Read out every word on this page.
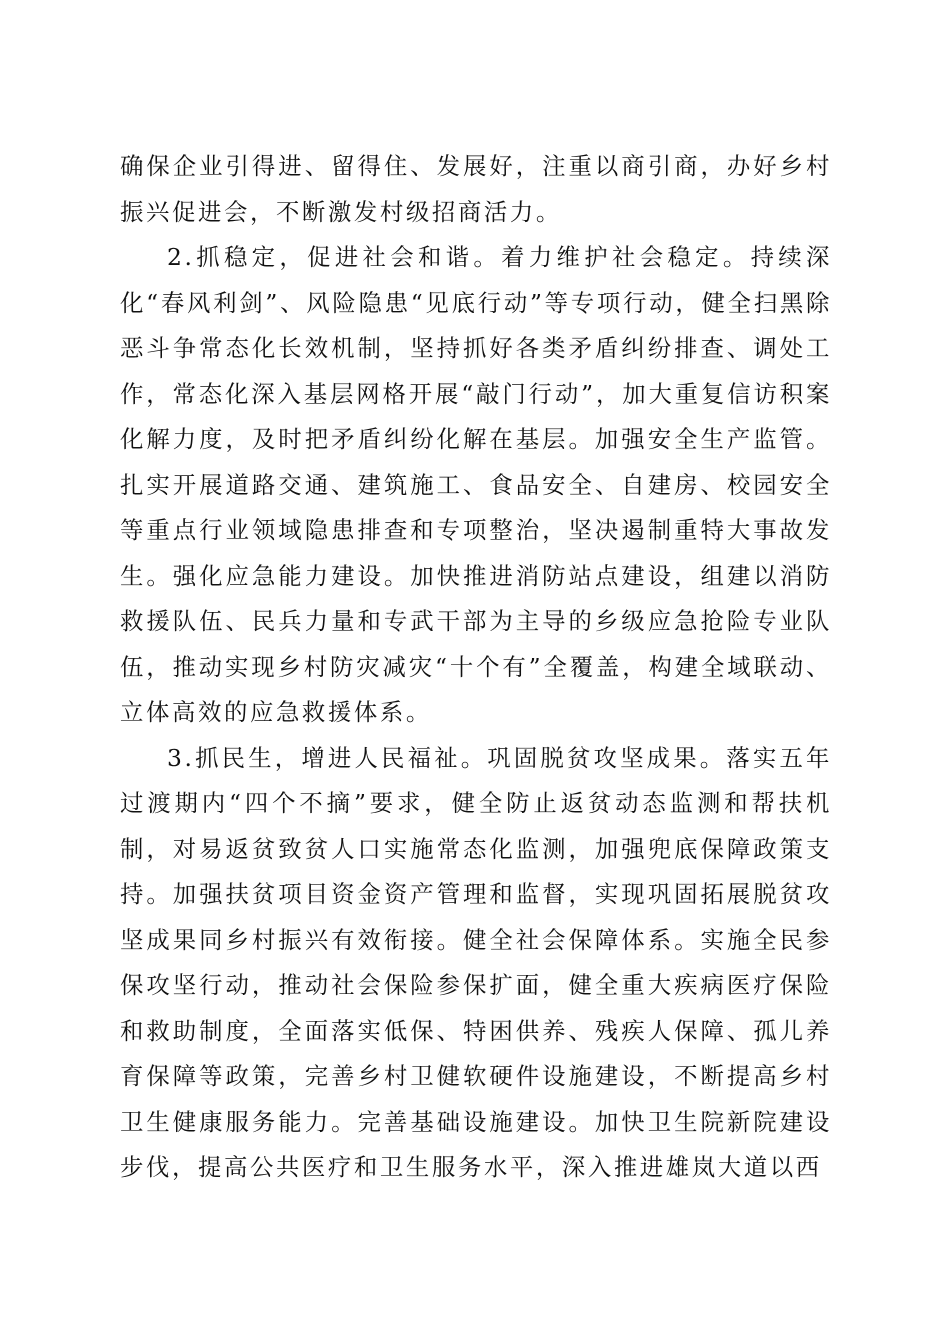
确保企业引得进、留得住、发展好，注重以商引商，办好乡村振兴促进会，不断激发村级招商活力。

2.抓稳定，促进社会和谐。着力维护社会稳定。持续深化“春风利剑”、风险隐患“见底行动”等专项行动，健全扫黑除恶斗争常态化长效机制，坚持抓好各类矛盾纠纷排查、调处工作，常态化深入基层网格开展“敲门行动”，加大重复信访积案化解力度，及时把矛盾纠纷化解在基层。加强安全生产监管。扎实开展道路交通、建筑施工、食品安全、自建房、校园安全等重点行业领域隐患排查和专项整治，坚决遏制重特大事故发生。强化应急能力建设。加快推进消防站点建设，组建以消防救援队伍、民兵力量和专武干部为主导的乡级应急抢险专业队伍，推动实现乡村防灾减灾“十个有”全覆盖，构建全域联动、立体高效的应急救援体系。

3.抓民生，增进人民福祉。巩固脱贫攻坚成果。落实五年过渡期内“四个不摘”要求，健全防止返贫动态监测和帮扶机制，对易返贫致贫人口实施常态化监测，加强兜底保障政策支持。加强扶贫项目资金资产管理和监督，实现巩固拓展脱贫攻坚成果同乡村振兴有效衔接。健全社会保障体系。实施全民参保攻坚行动，推动社会保险参保扩面，健全重大疾病医疗保险和救助制度，全面落实低保、特困供养、残疾人保障、孤儿养育保障等政策，完善乡村卫健软硬件设施建设，不断提高乡村卫生健康服务能力。完善基础设施建设。加快卫生院新院建设步伐，提高公共医疗和卫生服务水平，深入推进雄岚大道以西
